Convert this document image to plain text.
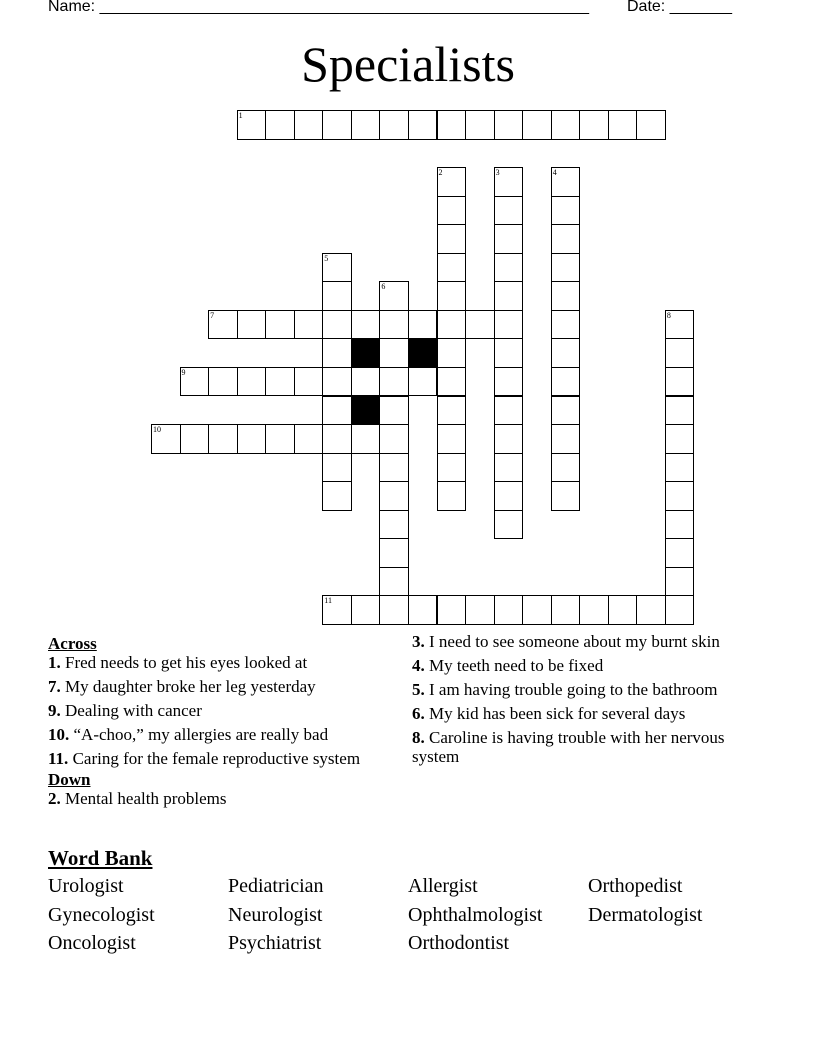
Name: _______________________________________________________ Date: _______
Specialists
1
7
9
10
11
2	3	4
5
6
8
Across
1. Fred needs to get his eyes looked at
7. My daughter broke her leg yesterday
9. Dealing with cancer
10. “A-choo,” my allergies are really bad
11. Caring for the female reproductive system
Down
2. Mental health problems
3. I need to see someone about my burnt skin
4. My teeth need to be fixed
5. I am having trouble going to the bathroom
6. My kid has been sick for several days
8. Caroline is having trouble with her nervous system
Word Bank
Urologist	Pediatrician	Allergist	Orthopedist
Gynecologist	Neurologist	Ophthalmologist Dermatologist
Oncologist	Psychiatrist	Orthodontist
